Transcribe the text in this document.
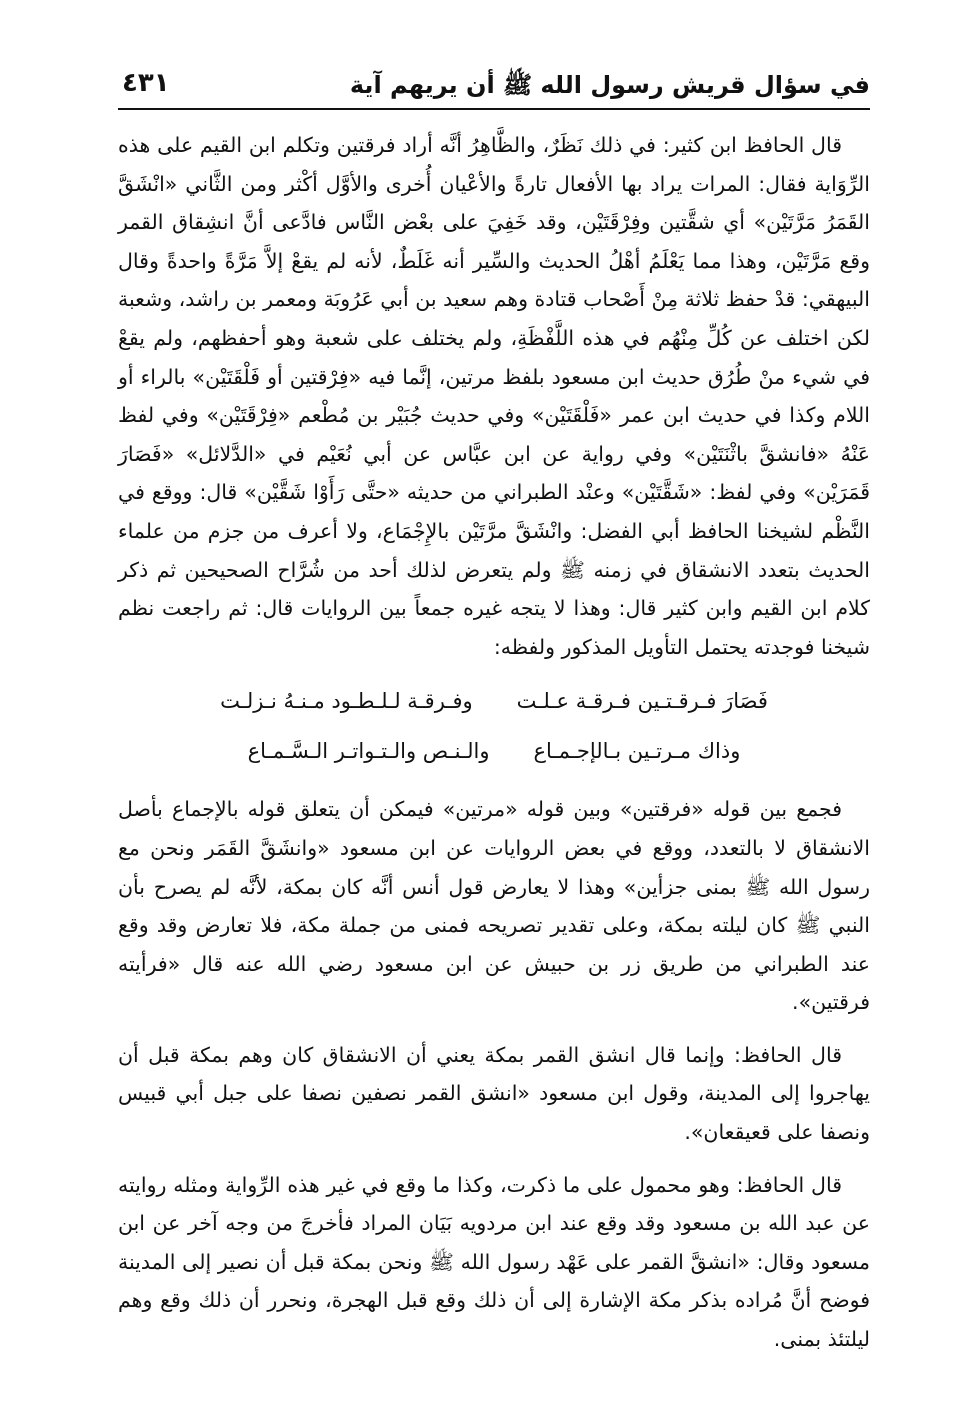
في سؤال قريش رسول الله ﷺ أن يريهم آية
٤٣١

قال الحافظ ابن كثير: في ذلك نَظَرٌ، والظَّاهِرُ أنَّه أراد فرقتين وتكلم ابن القيم على هذه الرِّوَاية فقال: المرات يراد بها الأفعال تارةً والأعْيان أُخرى والأوَّل أكْثر ومن الثَّاني «انْشَقَّ القَمَرُ مَرَّتَيْن» أي شقَّتين وفِرْقَتَيْن، وقد خَفِيَ على بعْض النَّاس فادَّعى أنَّ انشِقاق القمر وقع مَرَّتَيْن، وهذا مما يَعْلَمُ أهْلُ الحديث والسِّير أنه غَلَطٌ، لأنه لم يقعْ إلاَّ مَرَّةً واحدةً وقال البيهقي: قدْ حفظ ثلاثة مِنْ أَصْحاب قتادة وهم سعيد بن أبي عَرُوبَة ومعمر بن راشد، وشعبة لكن اختلف عن كُلِّ مِنْهُم في هذه اللَّفْظَةِ، ولم يختلف على شعبة وهو أحفظهم، ولم يقعْ في شيء منْ طُرُق حديث ابن مسعود بلفظ مرتين، إنَّما فيه «فِرْقتين أو فَلْقَتَيْن» بالراء أو اللام وكذا في حديث ابن عمر «فَلْقَتَيْن» وفي حديث جُبَيْر بن مُطْعم «فِرْقَتَيْن» وفي لفظ عَنْهُ «فانشقَّ باثْنَتَيْن» وفي رواية عن ابن عبَّاس عن أبي نُعَيْم في «الدَّلائل» «فَصَارَ قَمَرَيْن» وفي لفظ: «شَقَّتَيْن» وعنْد الطبراني من حديثه «حتَّى رَأَوْا شَقَّيْن» قال: ووقع في النَّظْم لشيخنا الحافظ أبي الفضل: وانْشَقَّ مرَّتَيْن بالإِجْمَاع، ولا أعرف من جزم من علماء الحديث بتعدد الانشقاق في زمنه ﷺ ولم يتعرض لذلك أحد من شُرَّاح الصحيحين ثم ذكر كلام ابن القيم وابن كثير قال: وهذا لا يتجه غيره جمعاً بين الروايات قال: ثم راجعت نظم شيخنا فوجدته يحتمل التأويل المذكور ولفظه:

فَصَارَ فـرقـتـين فـرقـة عـلـت
وفـرقـة لـلـطـود مـنـهُ نـزلـت
وذاك مـرتـين بـالإجـمـاع
والـنـص والـتـواتـر الـسَّـمـاع

فجمع بين قوله «فرقتين» وبين قوله «مرتين» فيمكن أن يتعلق قوله بالإجماع بأصل الانشقاق لا بالتعدد، ووقع في بعض الروايات عن ابن مسعود «وانشَقَّ القَمَر ونحن مع رسول الله ﷺ بمنى جزأين» وهذا لا يعارض قول أنس أنَّه كان بمكة، لأنَّه لم يصرح بأن النبي ﷺ كان ليلته بمكة، وعلى تقدير تصريحه فمنى من جملة مكة، فلا تعارض وقد وقع عند الطبراني من طريق زر بن حبيش عن ابن مسعود رضي الله عنه قال «فرأيته فرقتين».

قال الحافظ: وإنما قال انشق القمر بمكة يعني أن الانشقاق كان وهم بمكة قبل أن يهاجروا إلى المدينة، وقول ابن مسعود «انشق القمر نصفين نصفا على جبل أبي قبيس ونصفا على قعيقعان».

قال الحافظ: وهو محمول على ما ذكرت، وكذا ما وقع في غير هذه الرِّواية ومثله روايته عن عبد الله بن مسعود وقد وقع عند ابن مردويه بَيَان المراد فأخرجَ من وجه آخر عن ابن مسعود وقال: «انشقَّ القمر على عَهْد رسول الله ﷺ ونحن بمكة قبل أن نصير إلى المدينة فوضح أنَّ مُراده بذكر مكة الإشارة إلى أن ذلك وقع قبل الهجرة، ونحرر أن ذلك وقع وهم ليلتئذ بمنى.
